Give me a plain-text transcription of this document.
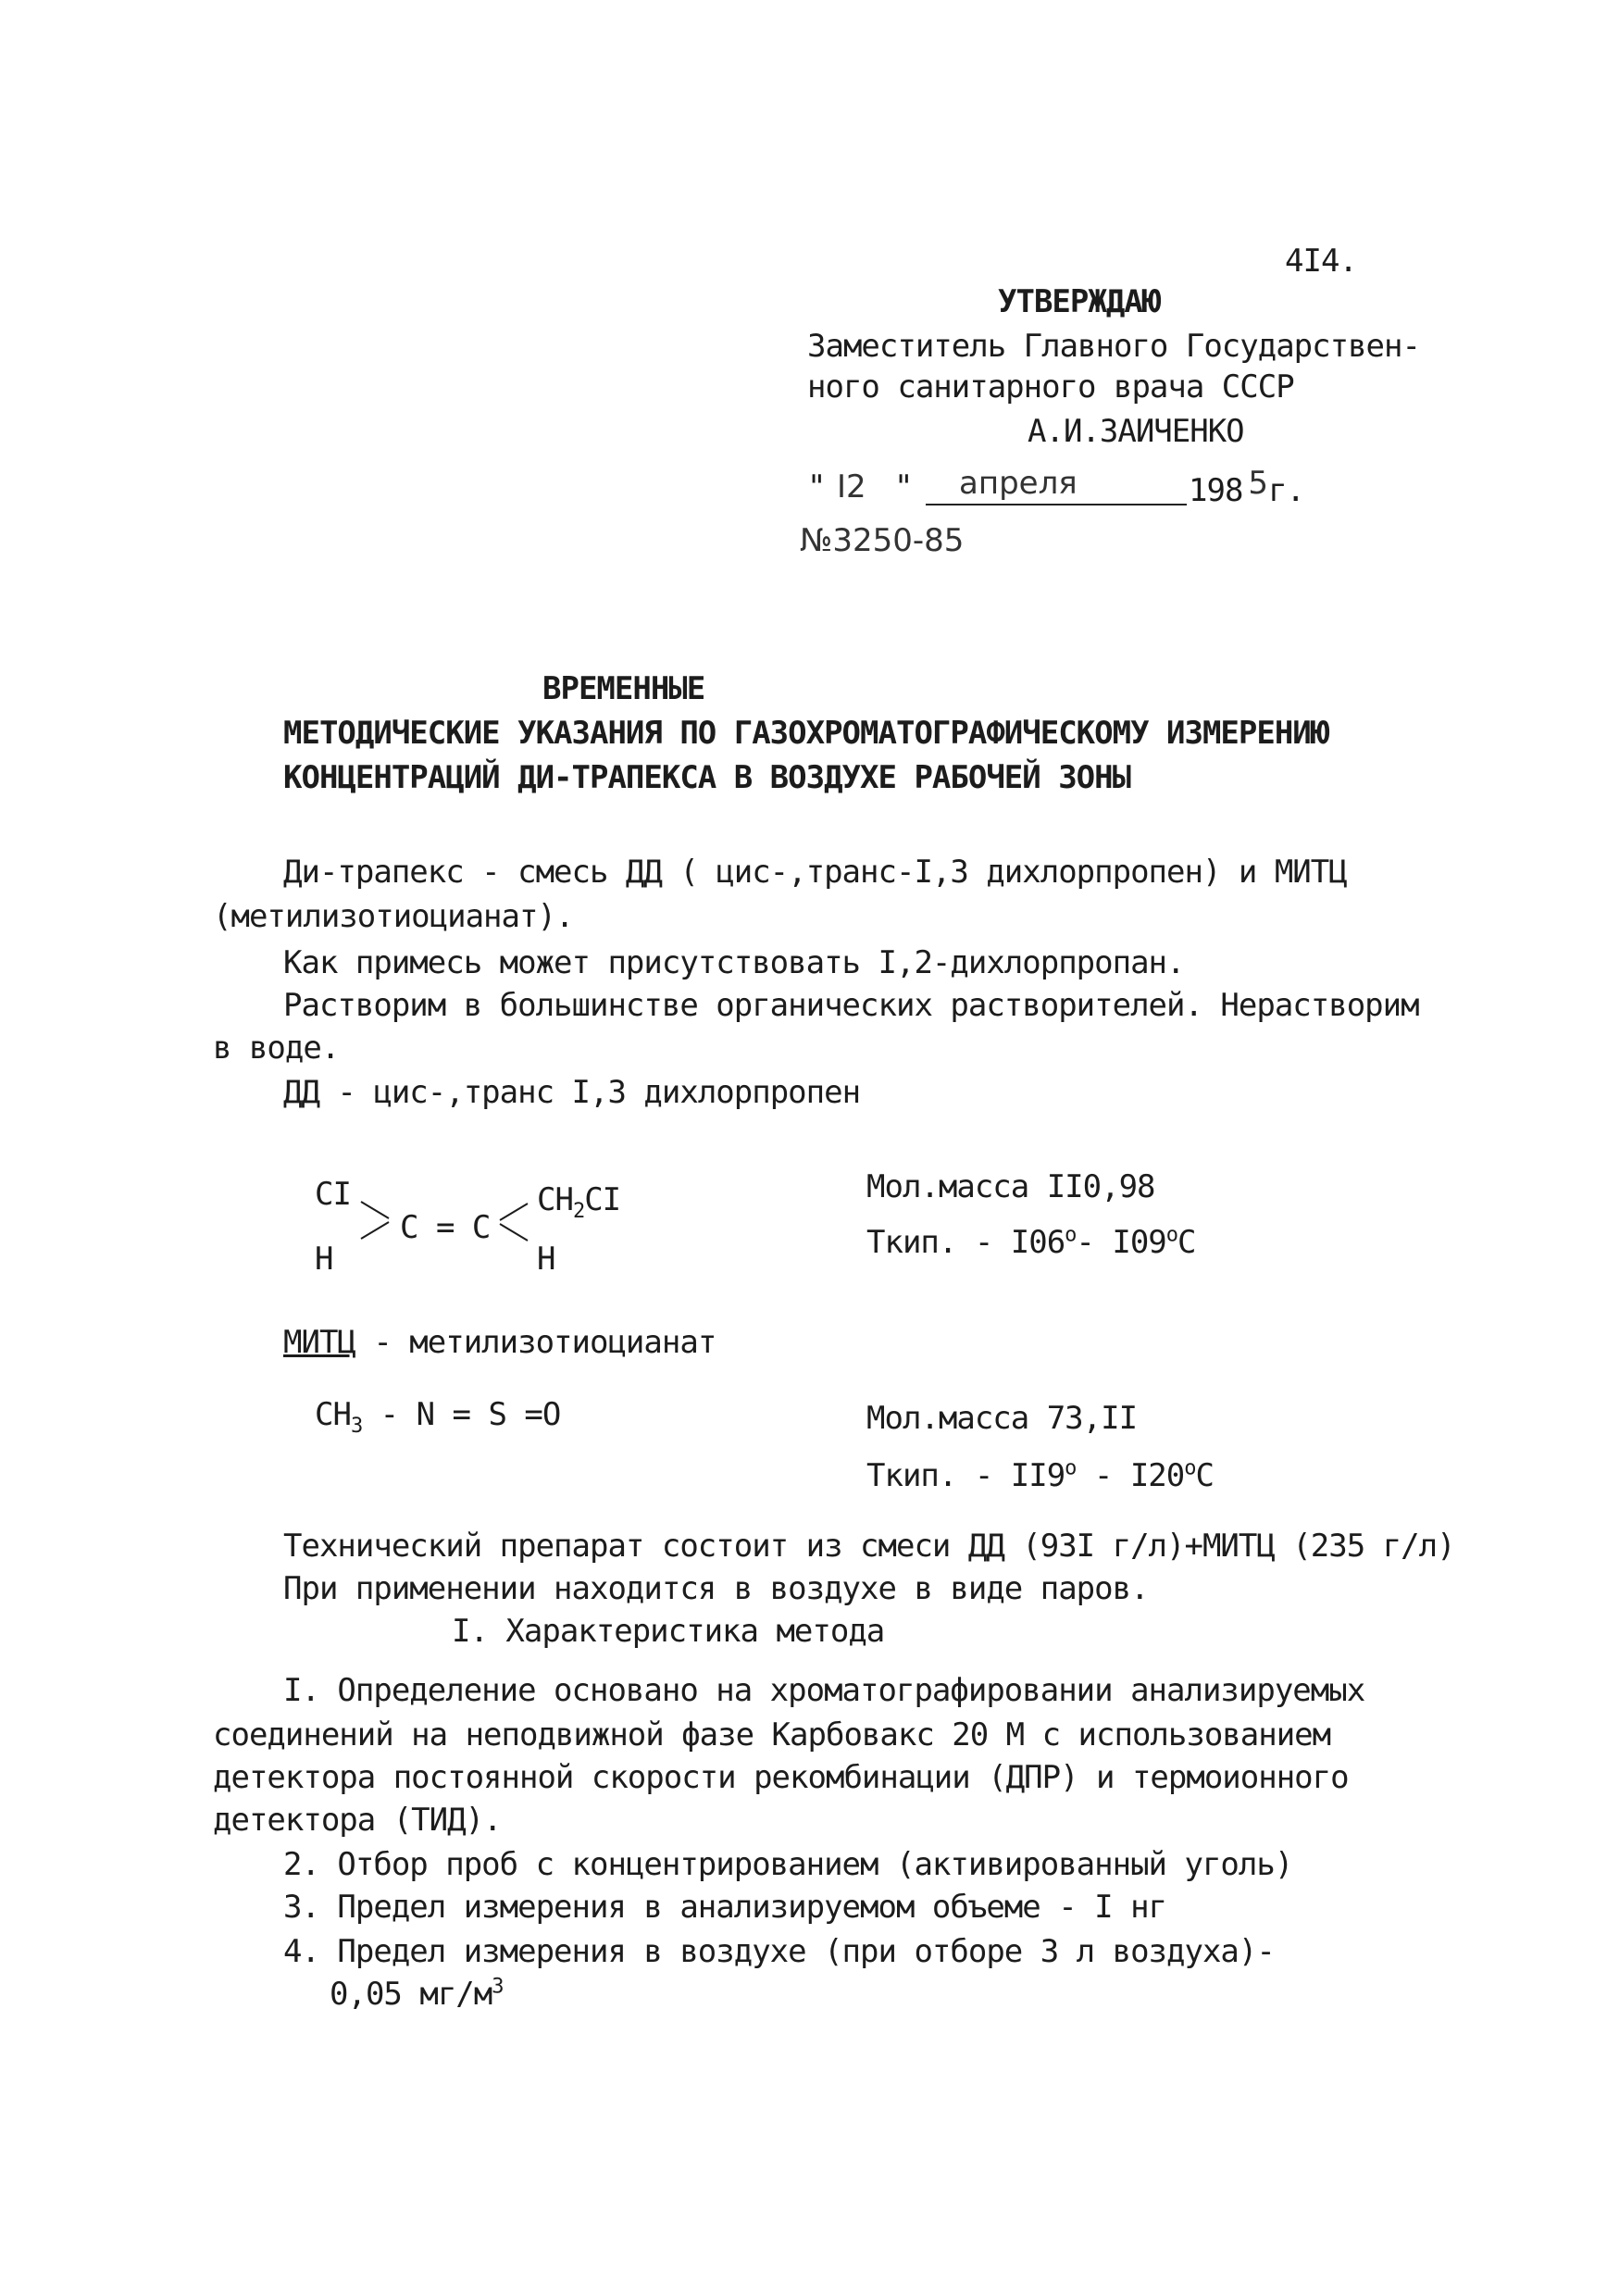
4I4.
УТВЕРЖДАЮ
Заместитель Главного Государствен-
ного санитарного врача СССР
А.И.ЗАИЧЕНКО
" I2 " апреля	198 5г.
№3250-85
ВРЕМЕННЫЕ
МЕТОДИЧЕСКИЕ УКАЗАНИЯ ПО ГАЗОХРОМАТОГРАФИЧЕСКОМУ ИЗМЕРЕНИЮ
КОНЦЕНТРАЦИЙ ДИ-ТРАПЕКСА В ВОЗДУХЕ РАБОЧЕЙ ЗОНЫ
Ди-трапекс - смесь ДД ( цис-,транс-I,3 дихлорпропен) и МИТЦ
(метилизотиоцианат).
Как примесь может присутствовать I,2-дихлорпропан.
Растворим в большинстве органических растворителей. Нерастворим
в воде.
ДД - цис-,транс I,3 дихлорпропен
CI
H
C = C
$CH_2CI$
H
Мол.масса II0,98
Ткип. - I06$^o$- I09$^o$C
МИТЦ - метилизотиоцианат
$CH_3 - N = S =O$	Мол.масса 73,II
Ткип. - II9$^o$ - I20$^o$C
Технический препарат состоит из смеси ДД (93I г/л)+МИТЦ (235 г/л)
При применении находится в воздухе в виде паров.
I. Характеристика метода
I. Определение основано на хроматографировании анализируемых
соединений на неподвижной фазе Карбовакс 20 М с использованием
детектора постоянной скорости рекомбинации (ДПР) и термоионного
детектора (ТИД).
2. Отбор проб с концентрированием (активированный уголь)
3. Предел измерения в анализируемом объеме - I нг
4. Предел измерения в воздухе (при отборе 3 л воздуха)-
0,05 $мг/м^3$
